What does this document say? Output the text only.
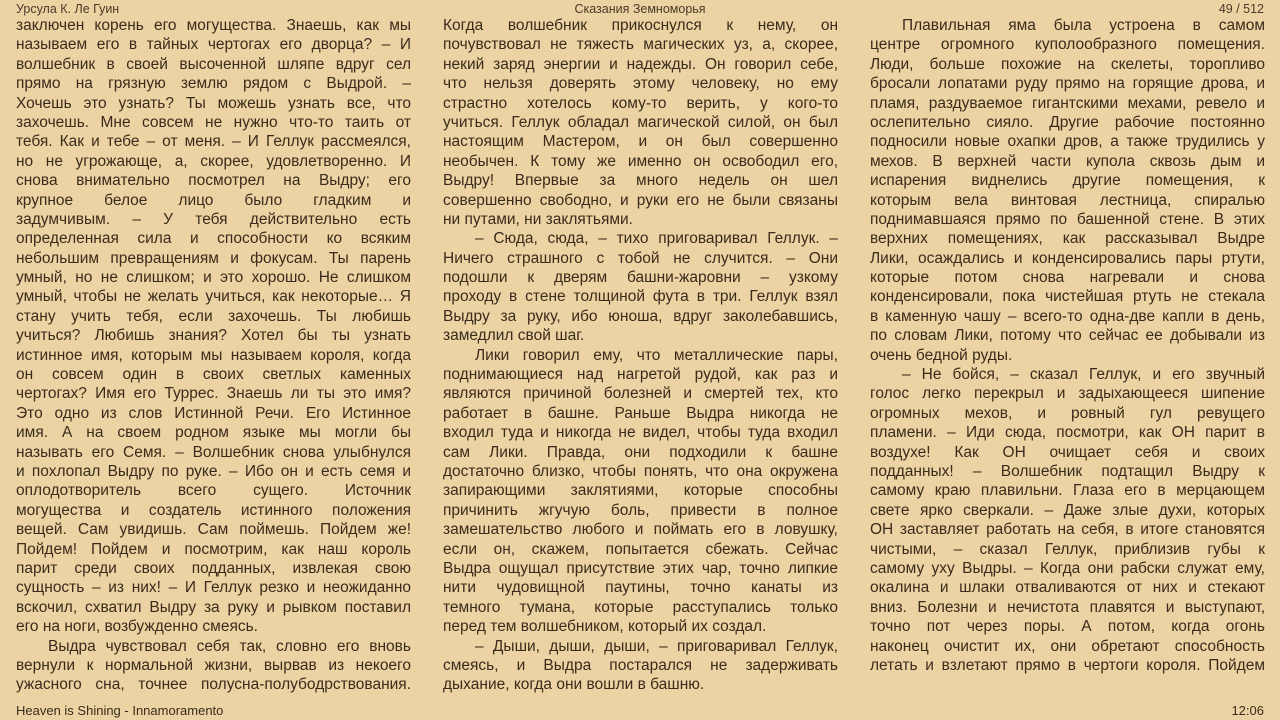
Урсула К. Ле Гуин	Сказания Земноморья	49 / 512
заключен корень его могущества. Знаешь, как мы
называем его в тайных чертогах его дворца? – И
волшебник в своей высоченной шляпе вдруг сел
прямо на грязную землю рядом с Выдрой. –
Хочешь это узнать? Ты можешь узнать все, что
захочешь. Мне совсем не нужно что-то таить от
тебя. Как и тебе – от меня. – И Геллук рассмеялся,
но не угрожающе, а, скорее, удовлетворенно. И
снова внимательно посмотрел на Выдру; его
крупное белое лицо было гладким и
задумчивым. – У тебя действительно есть
определенная сила и способности ко всяким
небольшим превращениям и фокусам. Ты парень
умный, но не слишком; и это хорошо. Не слишком
умный, чтобы не желать учиться, как некоторые… Я
стану учить тебя, если захочешь. Ты любишь
учиться? Любишь знания? Хотел бы ты узнать
истинное имя, которым мы называем короля, когда
он совсем один в своих светлых каменных
чертогах? Имя его Туррес. Знаешь ли ты это имя?
Это одно из слов Истинной Речи. Его Истинное
имя. А на своем родном языке мы могли бы
называть его Семя. – Волшебник снова улыбнулся
и похлопал Выдру по руке. – Ибо он и есть семя и
оплодотворитель всего сущего. Источник
могущества и создатель истинного положения
вещей. Сам увидишь. Сам поймешь. Пойдем же!
Пойдем! Пойдем и посмотрим, как наш король
парит среди своих подданных, извлекая свою
сущность – из них! – И Геллук резко и неожиданно
вскочил, схватил Выдру за руку и рывком поставил
его на ноги, возбужденно смеясь.
Выдра чувствовал себя так, словно его вновь
вернули к нормальной жизни, вырвав из некоего
ужасного сна, точнее полусна-полубодрствования.
Когда волшебник прикоснулся к нему, он
почувствовал не тяжесть магических уз, а, скорее,
некий заряд энергии и надежды. Он говорил себе,
что нельзя доверять этому человеку, но ему
страстно хотелось кому-то верить, у кого-то
учиться. Геллук обладал магической силой, он был
настоящим Мастером, и он был совершенно
необычен. К тому же именно он освободил его,
Выдру! Впервые за много недель он шел
совершенно свободно, и руки его не были связаны
ни путами, ни заклятьями.
– Сюда, сюда, – тихо приговаривал Геллук. –
Ничего страшного с тобой не случится. – Они
подошли к дверям башни-жаровни – узкому
проходу в стене толщиной фута в три. Геллук взял
Выдру за руку, ибо юноша, вдруг заколебавшись,
замедлил свой шаг.
Лики говорил ему, что металлические пары,
поднимающиеся над нагретой рудой, как раз и
являются причиной болезней и смертей тех, кто
работает в башне. Раньше Выдра никогда не
входил туда и никогда не видел, чтобы туда входил
сам Лики. Правда, они подходили к башне
достаточно близко, чтобы понять, что она окружена
запирающими заклятиями, которые способны
причинить жгучую боль, привести в полное
замешательство любого и поймать его в ловушку,
если он, скажем, попытается сбежать. Сейчас
Выдра ощущал присутствие этих чар, точно липкие
нити чудовищной паутины, точно канаты из
темного тумана, которые расступались только
перед тем волшебником, который их создал.
– Дыши, дыши, дыши, – приговаривал Геллук,
смеясь, и Выдра постарался не задерживать
дыхание, когда они вошли в башню.
Плавильная яма была устроена в самом
центре огромного куполообразного помещения.
Люди, больше похожие на скелеты, торопливо
бросали лопатами руду прямо на горящие дрова, и
пламя, раздуваемое гигантскими мехами, ревело и
ослепительно сияло. Другие рабочие постоянно
подносили новые охапки дров, а также трудились у
мехов. В верхней части купола сквозь дым и
испарения виднелись другие помещения, к
которым вела винтовая лестница, спиралью
поднимавшаяся прямо по башенной стене. В этих
верхних помещениях, как рассказывал Выдре
Лики, осаждались и конденсировались пары ртути,
которые потом снова нагревали и снова
конденсировали, пока чистейшая ртуть не стекала
в каменную чашу – всего-то одна-две капли в день,
по словам Лики, потому что сейчас ее добывали из
очень бедной руды.
– Не бойся, – сказал Геллук, и его звучный
голос легко перекрыл и задыхающееся шипение
огромных мехов, и ровный гул ревущего
пламени. – Иди сюда, посмотри, как ОН парит в
воздухе! Как ОН очищает себя и своих
подданных! – Волшебник подтащил Выдру к
самому краю плавильни. Глаза его в мерцающем
свете ярко сверкали. – Даже злые духи, которых
ОН заставляет работать на себя, в итоге становятся
чистыми, – сказал Геллук, приблизив губы к
самому уху Выдры. – Когда они рабски служат ему,
окалина и шлаки отваливаются от них и стекают
вниз. Болезни и нечистота плавятся и выступают,
точно пот через поры. А потом, когда огонь
наконец очистит их, они обретают способность
летать и взлетают прямо в чертоги короля. Пойдем
Heaven is Shining - Innamoramento	12:06
